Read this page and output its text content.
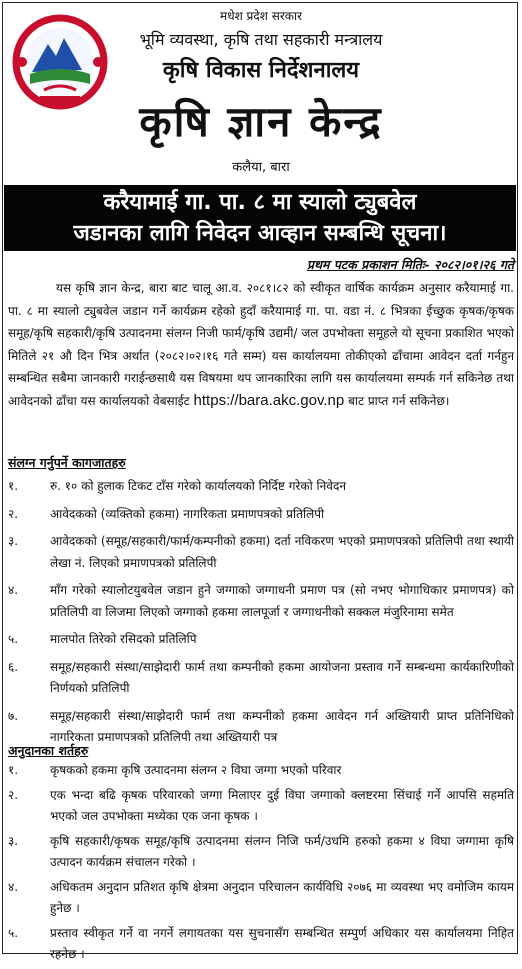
मधेश प्रदेश सरकार
भूमि व्यवस्था, कृषि तथा सहकारी मन्त्रालय
कृषि विकास निर्देशनालय
कृषि ज्ञान केन्द्र
कलैया, बारा
करैयामाई गा. पा. ८ मा स्यालो ट्युबवेल
जडानका लागि निवेदन आव्हान सम्बन्धि सूचना।
प्रथम पटक प्रकाशन मितिः- २०८२।०१।२६ गते
यस कृषि ज्ञान केन्द्र, बारा बाट चालू आ.व. २०८१।८२ को स्वीकृत वार्षिक कार्यक्रम अनुसार करैयामाई गा. पा. ८ मा स्यालो ट्युबवेल जडान गर्ने कार्यक्रम रहेको हुदाँ करैयामाई गा. पा. वडा नं. ८ भित्रका ईच्छुक कृषक/कृषक समूह/कृषि सहकारी/कृषि उत्पादनमा संलग्न निजी फार्म/कृषि उद्यमी/ जल उपभोक्ता समूहले यो सूचना प्रकाशित भएको मितिले २१ औ दिन भित्र अर्थात (२०८२।०२।१६ गते सम्म) यस कार्यालयमा तोकीएको ढाँचामा आवेदन दर्ता गर्नहुन सम्बन्धित सबैमा जानकारी गराईन्छसाथै यस विषयमा थप जानकारिका लागि यस कार्यालयमा सम्पर्क गर्न सकिनेछ तथा आवेदनको ढाँचा यस कार्यालयको वेबसाईट https://bara.akc.gov.np बाट प्राप्त गर्न सकिनेछ।
संलग्न गर्नुपर्ने कागजातहरु
१.	रु. १० को हुलाक टिकट टाँस गरेको कार्यालयको निर्दिष्ट गरेको निवेदन
२.	आवेदकको (व्यक्तिको हकमा) नागरिकता प्रमाणपत्रको प्रतिलिपी
३.	आवेदकको (समूह/सहकारी/फार्म/कम्पनीको हकमा) दर्ता नविकरण भएको प्रमाणपत्रको प्रतिलिपी तथा स्थायी लेखा नं. लिएको प्रमाणपत्रको प्रतिलिपी
४.	माँग गरेको स्यालोटयुबवेल जडान हुने जग्गाको जग्गाधनी प्रमाण पत्र (सो नभए भोगाधिकार प्रमाणपत्र) को प्रतिलिपी वा लिजमा लिएको जग्गाको हकमा लालपूर्जा र जग्गाधनीको सक्कल मंजुरिनामा समेत
५.	मालपोत तिरेको रसिदको प्रतिलिपि
६.	समूह/सहकारी संस्था/साझेदारी फार्म तथा कम्पनीको हकमा आयोजना प्रस्ताव गर्ने सम्बन्धमा कार्यकारिणीको निर्णयको प्रतिलिपी
७.	समूह/सहकारी संस्था/साझेदारी फार्म तथा कम्पनीको हकमा आवेदन गर्न अख्तियारी प्राप्त प्रतिनिधिको नागरिकता प्रमाणपत्रको प्रतिलिपी तथा अख्तियारी पत्र
अनुदानका शर्तहरु
१.	कृषकको हकमा कृषि उत्पादनमा संलग्न २ विघा जग्गा भएको परिवार
२.	एक भन्दा बढि कृषक परिवारको जग्गा मिलाएर दुई विघा जग्गाको क्लष्टरमा सिंचाई गर्ने आपसि सहमति भएको जल उपभोक्ता मध्येका एक जना कृषक ।
३.	कृषि सहकारी/कृषक समूह/कृषि उत्पादनमा संलग्न निजि फर्म/उधमि हरुको हकमा ४ विघा जग्गामा कृषि उत्पादन कार्यक्रम संचालन गरेको ।
४.	अधिकतम अनुदान प्रतिशत कृषि क्षेत्रमा अनुदान परिचालन कार्यविधि २०७६ मा व्यवस्था भए वमोजिम कायम हुनेछ ।
५.	प्रस्ताव स्वीकृत गर्ने वा नगर्ने लगायतका यस सुचनासँग सम्बन्धित सम्पुर्ण अधिकार यस कार्यालयमा निहित रहनेछ ।
